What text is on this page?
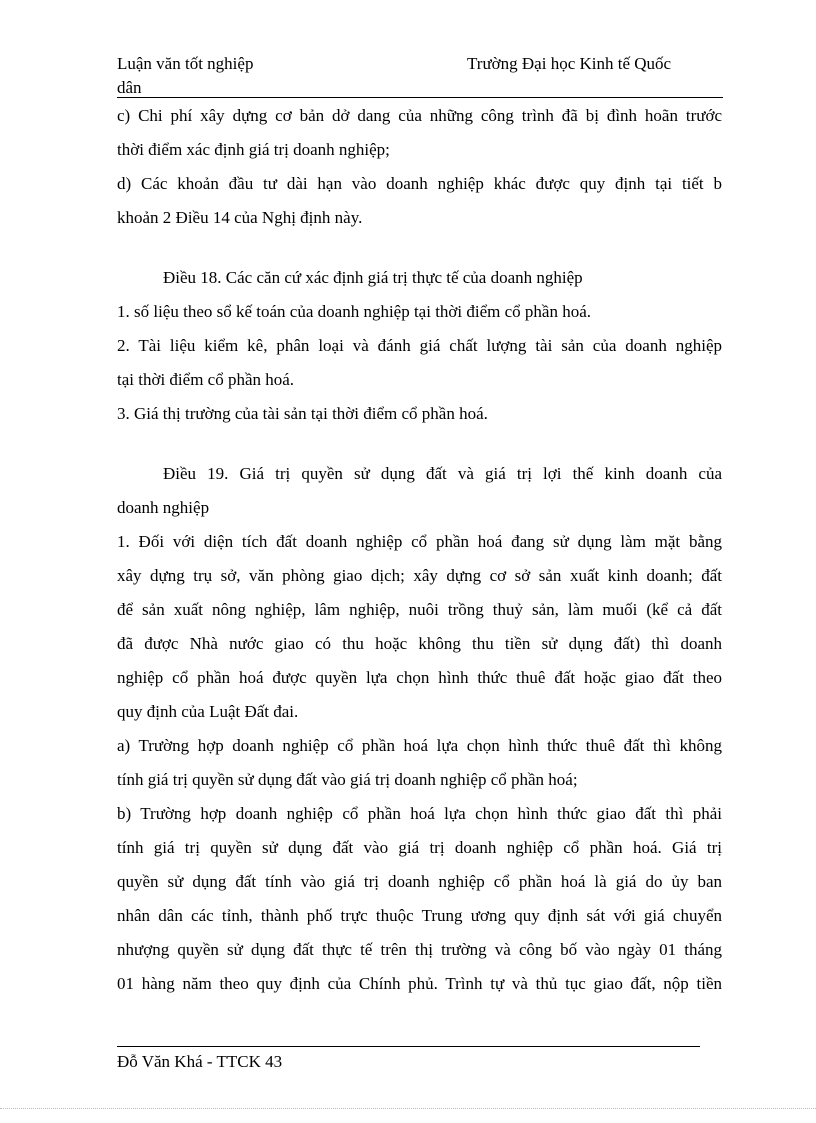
Luận văn tốt nghiệp
dân
Trường Đại học Kinh tế Quốc
c) Chi phí xây dựng cơ bản dở dang của những công trình đã bị đình hoãn trước
thời điểm xác định giá trị doanh nghiệp;
d) Các khoản đầu tư dài hạn vào doanh nghiệp khác được quy định tại tiết b
khoản 2 Điều 14 của Nghị định này.
Điều 18. Các căn cứ xác định giá trị thực tế của doanh nghiệp
1. số liệu theo sổ kế toán của doanh nghiệp tại thời điểm cổ phần hoá.
2. Tài liệu kiểm kê, phân loại và đánh giá chất lượng tài sản của doanh nghiệp
tại thời điểm cổ phần hoá.
3. Giá thị trường của tài sản tại thời điểm cổ phần hoá.
Điều 19. Giá trị quyền sử dụng đất và giá trị lợi thế kinh doanh của
doanh nghiệp
1. Đối với diện tích đất doanh nghiệp cổ phần hoá đang sử dụng làm mặt bằng
xây dựng trụ sở, văn phòng giao dịch; xây dựng cơ sở sản xuất kinh doanh; đất
để sản xuất nông nghiệp, lâm nghiệp, nuôi trồng thuỷ sản, làm muối (kể cả đất
đã được Nhà nước giao có thu hoặc không thu tiền sử dụng đất) thì doanh
nghiệp cổ phần hoá được quyền lựa chọn hình thức thuê đất hoặc giao đất theo
quy định của Luật Đất đai.
a) Trường hợp doanh nghiệp cổ phần hoá lựa chọn hình thức thuê đất thì không
tính giá trị quyền sử dụng đất vào giá trị doanh nghiệp cổ phần hoá;
b) Trường hợp doanh nghiệp cổ phần hoá lựa chọn hình thức giao đất thì phải
tính giá trị quyền sử dụng đất vào giá trị doanh nghiệp cổ phần hoá. Giá trị
quyền sử dụng đất tính vào giá trị doanh nghiệp cổ phần hoá là giá do ủy ban
nhân dân các tỉnh, thành phố trực thuộc Trung ương quy định sát với giá chuyển
nhượng quyền sử dụng đất thực tế trên thị trường và công bố vào ngày 01 tháng
01 hàng năm theo quy định của Chính phủ. Trình tự và thủ tục giao đất, nộp tiền
Đỗ Văn Khá - TTCK 43
